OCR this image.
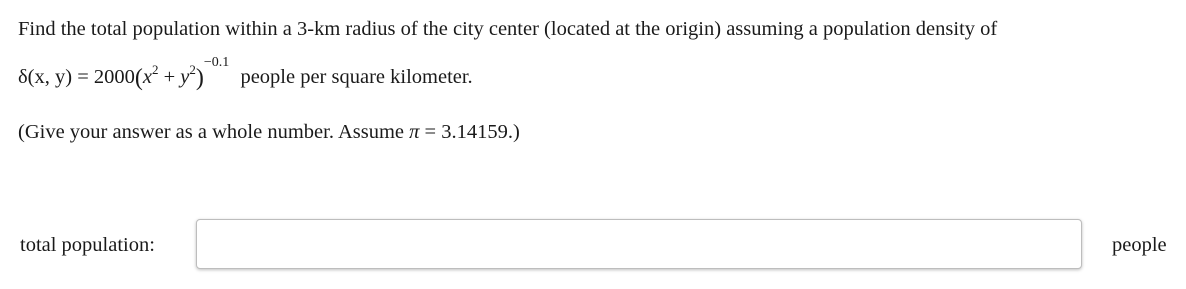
Find the total population within a 3-km radius of the city center (located at the origin) assuming a population density of
δ(x, $y) = 2000(x^2 + y^2)^{-0.1}$ people per square kilometer.
(Give your answer as a whole number. Assume π = 3.14159.)
total population:	people
